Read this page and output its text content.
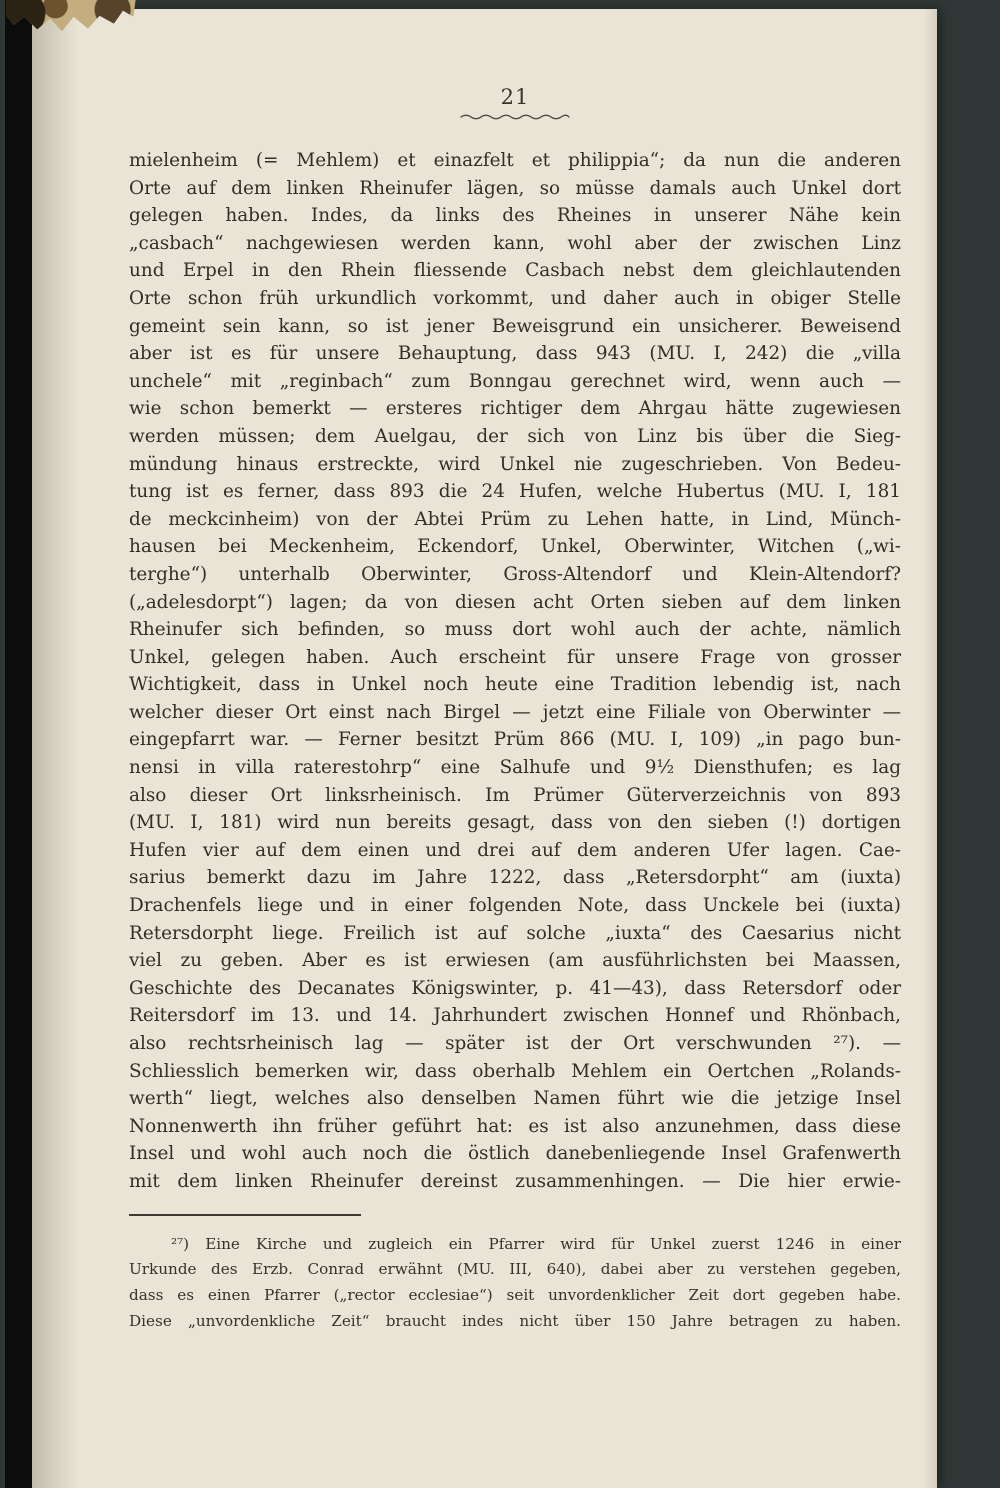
21
mielenheim (= Mehlem) et einazfelt et philippia“; da nun die anderen
Orte auf dem linken Rheinufer lägen, so müsse damals auch Unkel dort
gelegen haben. Indes, da links des Rheines in unserer Nähe kein
„casbach“ nachgewiesen werden kann, wohl aber der zwischen Linz
und Erpel in den Rhein fliessende Casbach nebst dem gleichlautenden
Orte schon früh urkundlich vorkommt, und daher auch in obiger Stelle
gemeint sein kann, so ist jener Beweisgrund ein unsicherer. Beweisend
aber ist es für unsere Behauptung, dass 943 (MU. I, 242) die „villa
unchele“ mit „reginbach“ zum Bonngau gerechnet wird, wenn auch —
wie schon bemerkt — ersteres richtiger dem Ahrgau hätte zugewiesen
werden müssen; dem Auelgau, der sich von Linz bis über die Sieg-
mündung hinaus erstreckte, wird Unkel nie zugeschrieben. Von Bedeu-
tung ist es ferner, dass 893 die 24 Hufen, welche Hubertus (MU. I, 181
de meckcinheim) von der Abtei Prüm zu Lehen hatte, in Lind, Münch-
hausen bei Meckenheim, Eckendorf, Unkel, Oberwinter, Witchen („wi-
terghe“) unterhalb Oberwinter, Gross-Altendorf und Klein-Altendorf?
(„adelesdorpt“) lagen; da von diesen acht Orten sieben auf dem linken
Rheinufer sich befinden, so muss dort wohl auch der achte, nämlich
Unkel, gelegen haben. Auch erscheint für unsere Frage von grosser
Wichtigkeit, dass in Unkel noch heute eine Tradition lebendig ist, nach
welcher dieser Ort einst nach Birgel — jetzt eine Filiale von Oberwinter —
eingepfarrt war. — Ferner besitzt Prüm 866 (MU. I, 109) „in pago bun-
nensi in villa raterestohrp“ eine Salhufe und 9½ Diensthufen; es lag
also dieser Ort linksrheinisch. Im Prümer Güterverzeichnis von 893
(MU. I, 181) wird nun bereits gesagt, dass von den sieben (!) dortigen
Hufen vier auf dem einen und drei auf dem anderen Ufer lagen. Cae-
sarius bemerkt dazu im Jahre 1222, dass „Retersdorpht“ am (iuxta)
Drachenfels liege und in einer folgenden Note, dass Unckele bei (iuxta)
Retersdorpht liege. Freilich ist auf solche „iuxta“ des Caesarius nicht
viel zu geben. Aber es ist erwiesen (am ausführlichsten bei Maassen,
Geschichte des Decanates Königswinter, p. 41—43), dass Retersdorf oder
Reitersdorf im 13. und 14. Jahrhundert zwischen Honnef und Rhönbach,
also rechtsrheinisch lag — später ist der Ort verschwunden ²⁷). —
Schliesslich bemerken wir, dass oberhalb Mehlem ein Oertchen „Rolands-
werth“ liegt, welches also denselben Namen führt wie die jetzige Insel
Nonnenwerth ihn früher geführt hat: es ist also anzunehmen, dass diese
Insel und wohl auch noch die östlich danebenliegende Insel Grafenwerth
mit dem linken Rheinufer dereinst zusammenhingen. — Die hier erwie-
²⁷) Eine Kirche und zugleich ein Pfarrer wird für Unkel zuerst 1246 in einer
Urkunde des Erzb. Conrad erwähnt (MU. III, 640), dabei aber zu verstehen gegeben,
dass es einen Pfarrer („rector ecclesiae“) seit unvordenklicher Zeit dort gegeben habe.
Diese „unvordenkliche Zeit“ braucht indes nicht über 150 Jahre betragen zu haben.
